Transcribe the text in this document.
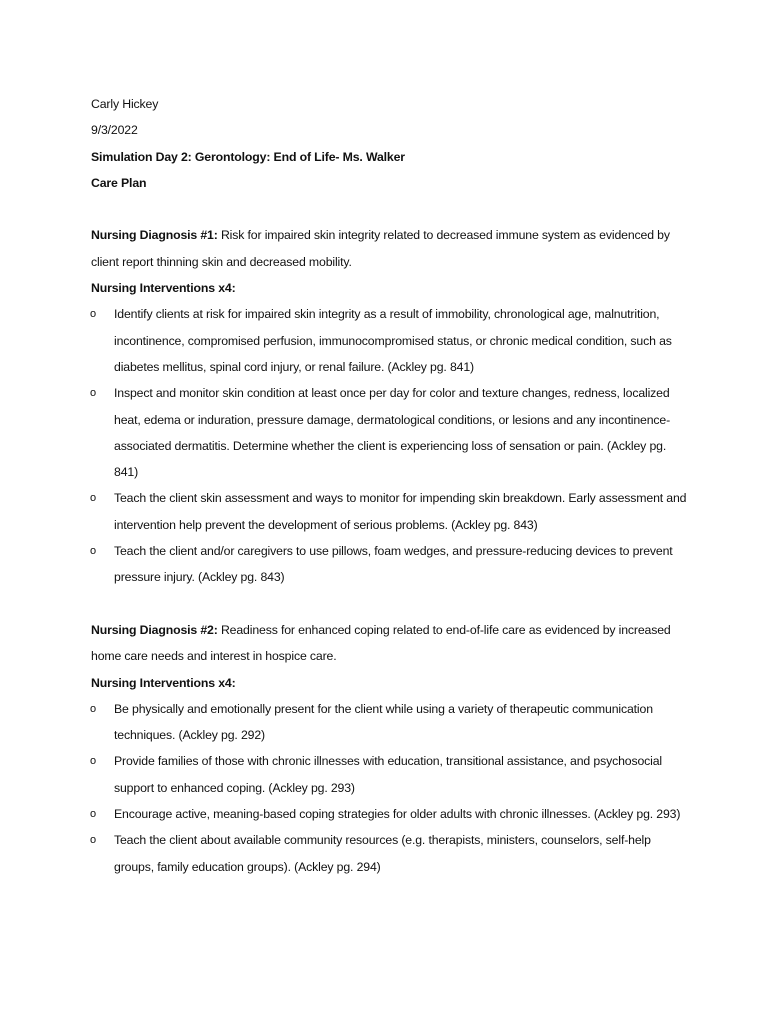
Carly Hickey
9/3/2022
Simulation Day 2: Gerontology: End of Life- Ms. Walker
Care Plan

Nursing Diagnosis #1: Risk for impaired skin integrity related to decreased immune system as evidenced by client report thinning skin and decreased mobility.

Nursing Interventions x4:
o Identify clients at risk for impaired skin integrity as a result of immobility, chronological age, malnutrition, incontinence, compromised perfusion, immunocompromised status, or chronic medical condition, such as diabetes mellitus, spinal cord injury, or renal failure. (Ackley pg. 841)
o Inspect and monitor skin condition at least once per day for color and texture changes, redness, localized heat, edema or induration, pressure damage, dermatological conditions, or lesions and any incontinence-associated dermatitis. Determine whether the client is experiencing loss of sensation or pain. (Ackley pg. 841)
o Teach the client skin assessment and ways to monitor for impending skin breakdown. Early assessment and intervention help prevent the development of serious problems. (Ackley pg. 843)
o Teach the client and/or caregivers to use pillows, foam wedges, and pressure-reducing devices to prevent pressure injury. (Ackley pg. 843)

Nursing Diagnosis #2: Readiness for enhanced coping related to end-of-life care as evidenced by increased home care needs and interest in hospice care.

Nursing Interventions x4:
o Be physically and emotionally present for the client while using a variety of therapeutic communication techniques. (Ackley pg. 292)
o Provide families of those with chronic illnesses with education, transitional assistance, and psychosocial support to enhanced coping. (Ackley pg. 293)
o Encourage active, meaning-based coping strategies for older adults with chronic illnesses. (Ackley pg. 293)
o Teach the client about available community resources (e.g. therapists, ministers, counselors, self-help groups, family education groups). (Ackley pg. 294)
